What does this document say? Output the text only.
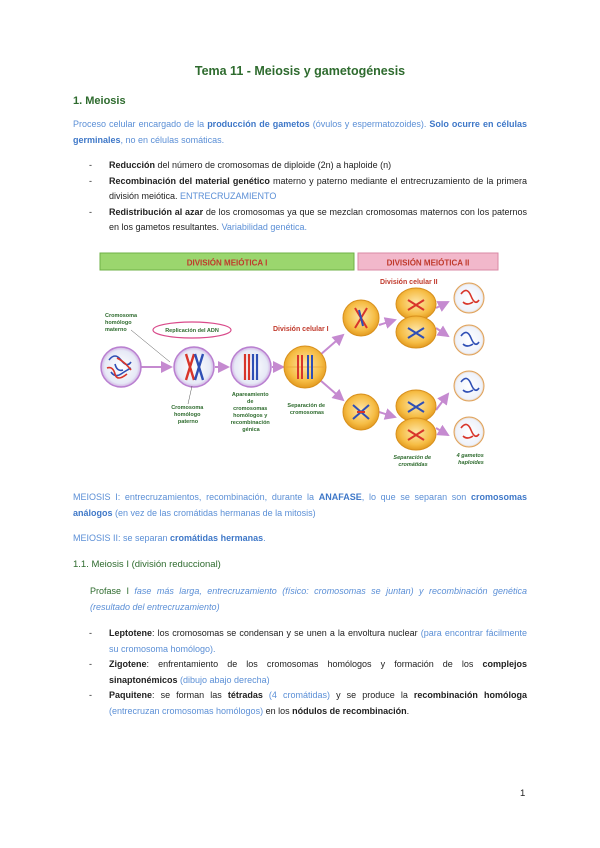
Tema 11 - Meiosis y gametogénesis
1. Meiosis
Proceso celular encargado de la producción de gametos (óvulos y espermatozoides). Solo ocurre en células germinales, no en células somáticas.
- Reducción del número de cromosomas de diploide (2n) a haploide (n)
- Recombinación del material genético materno y paterno mediante el entrecruzamiento de la primera división meiótica. ENTRECRUZAMIENTO
- Redistribución al azar de los cromosomas ya que se mezclan cromosomas maternos con los paternos en los gametos resultantes. Variabilidad genética.
DIVISIÓN MEIÓTICA I	DIVISIÓN MEIÓTICA II
Cromosoma homólogo materno	Replicación del ADN
Cromosoma homólogo paterno
Apareamiento de cromosomas homólogos y recombinación génica
División celular I
Separación de cromosomas
División celular II
Separación de cromátidas
4 gametos haploides
MEIOSIS I: entrecruzamientos, recombinación, durante la ANAFASE, lo que se separan son cromosomas análogos (en vez de las cromátidas hermanas de la mitosis)
MEIOSIS II: se separan cromátidas hermanas.
1.1. Meiosis I (división reduccional)
Profase I fase más larga, entrecruzamiento (físico: cromosomas se juntan) y recombinación genética (resultado del entrecruzamiento)
- Leptotene: los cromosomas se condensan y se unen a la envoltura nuclear (para encontrar fácilmente su cromosoma homólogo).
- Zigotene: enfrentamiento de los cromosomas homólogos y formación de los complejos sinaptonémicos (dibujo abajo derecha)
- Paquitene: se forman las tétradas (4 cromátidas) y se produce la recombinación homóloga (entrecruzan cromosomas homólogos) en los nódulos de recombinación.
1
